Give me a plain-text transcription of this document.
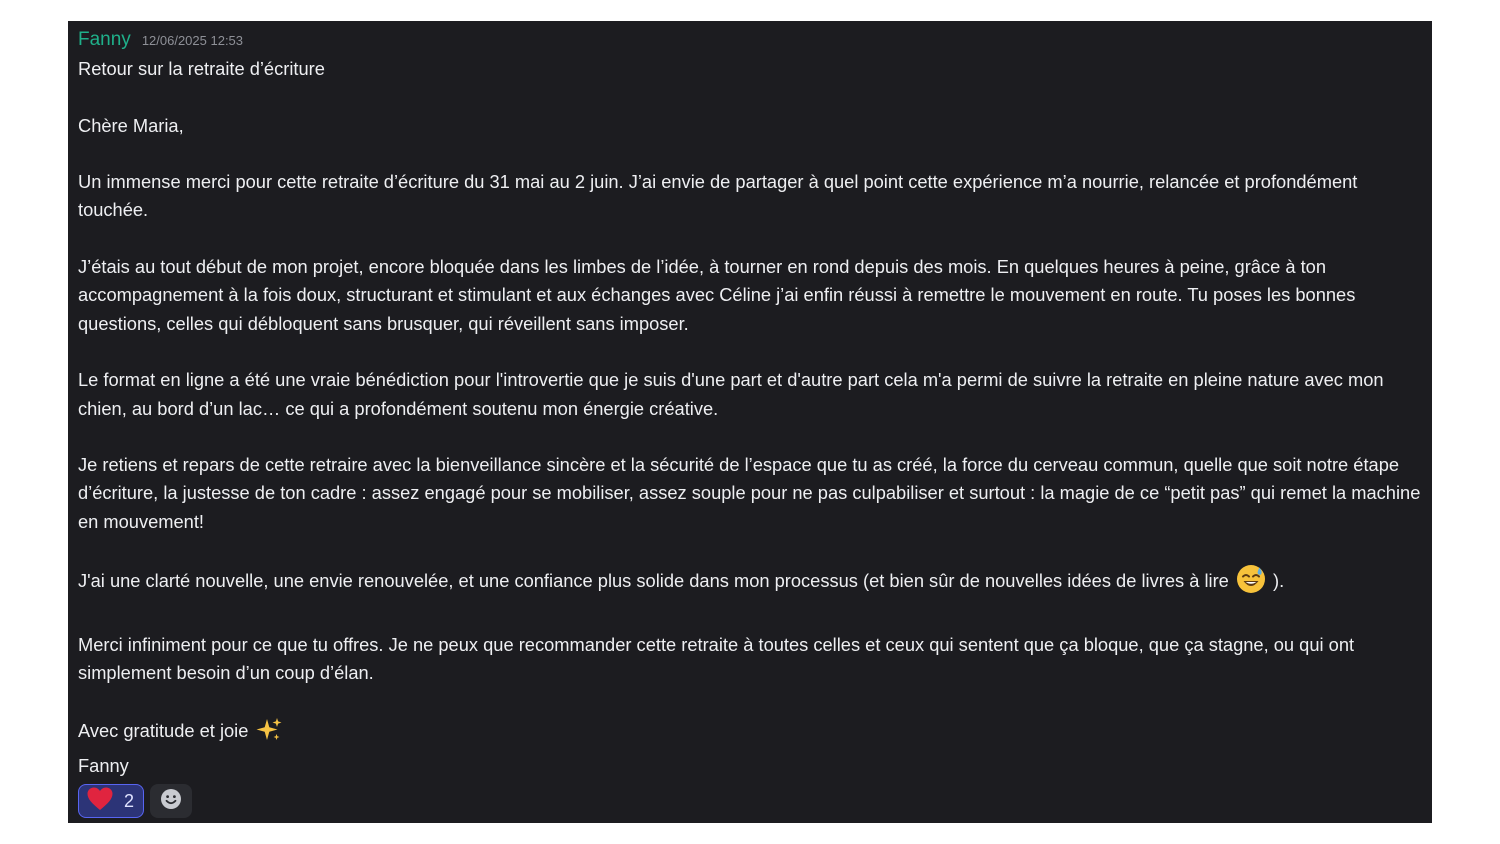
Fanny 12/06/2025 12:53

Retour sur la retraite d’écriture

Chère Maria,

Un immense merci pour cette retraite d’écriture du 31 mai au 2 juin. J’ai envie de partager à quel point cette expérience m’a nourrie, relancée et profondément touchée.

J’étais au tout début de mon projet, encore bloquée dans les limbes de l’idée, à tourner en rond depuis des mois. En quelques heures à peine, grâce à ton accompagnement à la fois doux, structurant et stimulant et aux échanges avec Céline j’ai enfin réussi à remettre le mouvement en route. Tu poses les bonnes questions, celles qui débloquent sans brusquer, qui réveillent sans imposer.

Le format en ligne a été une vraie bénédiction pour l'introvertie que je suis d'une part et d'autre part cela m'a permi de suivre la retraite en pleine nature avec mon chien, au bord d’un lac… ce qui a profondément soutenu mon énergie créative.

Je retiens et repars de cette retraire avec la bienveillance sincère et la sécurité de l’espace que tu as créé, la force du cerveau commun, quelle que soit notre étape d’écriture, la justesse de ton cadre : assez engagé pour se mobiliser, assez souple pour ne pas culpabiliser et surtout : la magie de ce “petit pas” qui remet la machine en mouvement!

J'ai une clarté nouvelle, une envie renouvelée, et une confiance plus solide dans mon processus (et bien sûr de nouvelles idées de livres à lire  ).

Merci infiniment pour ce que tu offres. Je ne peux que recommander cette retraite à toutes celles et ceux qui sentent que ça bloque, que ça stagne, ou qui ont simplement besoin d’un coup d’élan.

Avec gratitude et joie

Fanny

2
